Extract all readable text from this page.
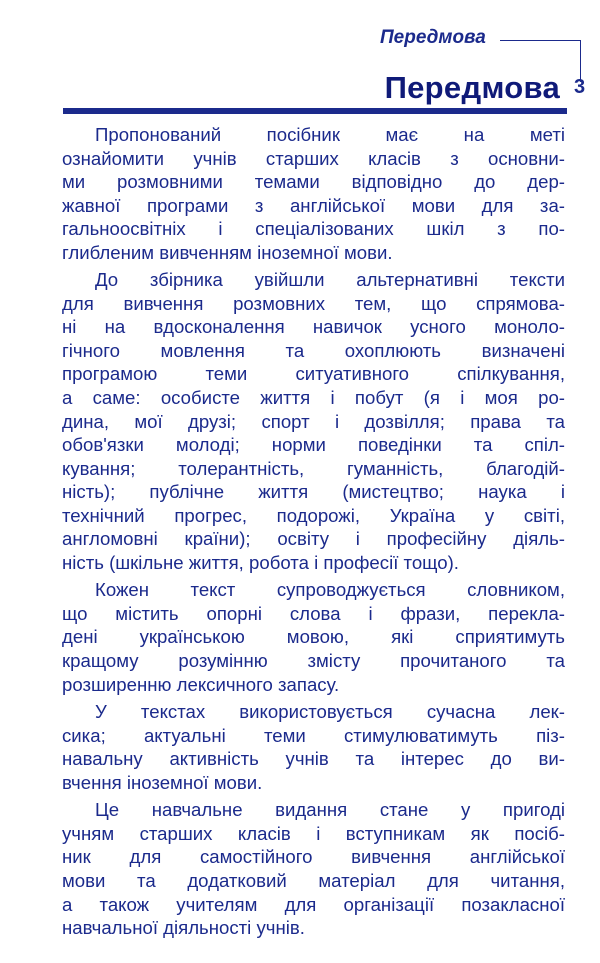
Передмова
3
Передмова

Пропонований посібник має на меті
ознайомити учнів старших класів з основни-
ми розмовними темами відповідно до дер-
жавної програми з англійської мови для за-
гальноосвітніх і спеціалізованих шкіл з по-
глибленим вивченням іноземної мови.

До збірника увійшли альтернативні тексти
для вивчення розмовних тем, що спрямова-
ні на вдосконалення навичок усного моноло-
гічного мовлення та охоплюють визначені
програмою теми ситуативного спілкування,
а саме: особисте життя і побут (я і моя ро-
дина, мої друзі; спорт і дозвілля; права та
обов'язки молоді; норми поведінки та спіл-
кування; толерантність, гуманність, благодій-
ність); публічне життя (мистецтво; наука і
технічний прогрес, подорожі, Україна у світі,
англомовні країни); освіту і професійну діяль-
ність (шкільне життя, робота і професії тощо).

Кожен текст супроводжується словником,
що містить опорні слова і фрази, перекла-
дені українською мовою, які сприятимуть
кращому розумінню змісту прочитаного та
розширенню лексичного запасу.

У текстах використовується сучасна лек-
сика; актуальні теми стимулюватимуть пiз-
навальну активність учнів та інтерес до ви-
вчення іноземної мови.

Це навчальне видання стане у пригоді
учням старших класів і вступникам як посіб-
ник для самостійного вивчення англійської
мови та додатковий матеріал для читання,
а також учителям для організації позакласної
навчальної діяльності учнів.
